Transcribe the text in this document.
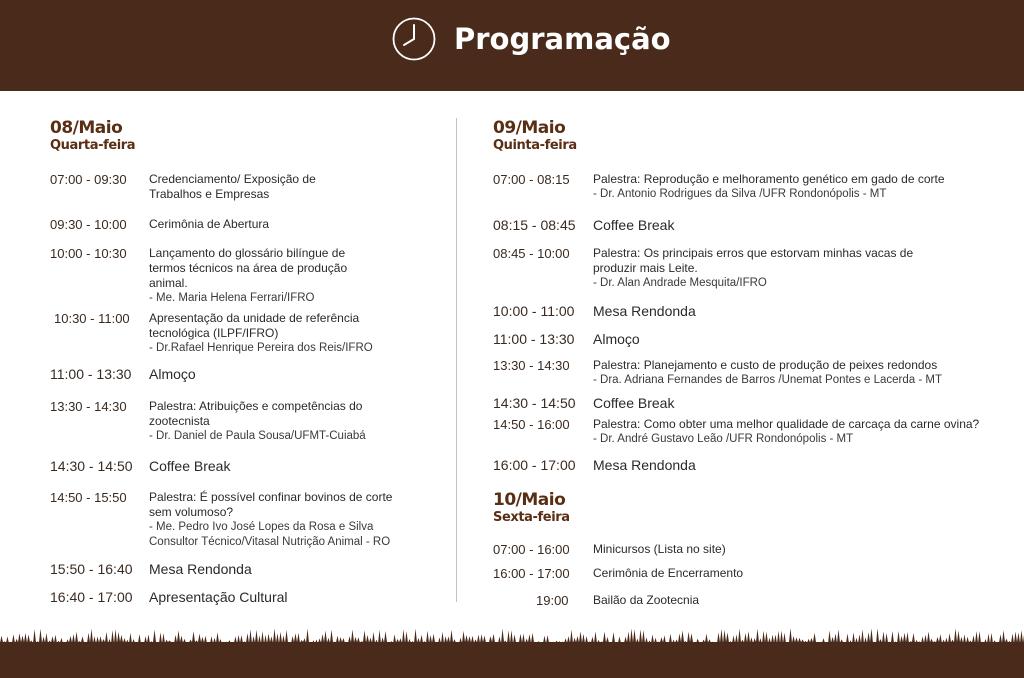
Programação
08/Maio
Quarta-feira
07:00 - 09:30 Credenciamento/ Exposição de
Trabalhos e Empresas
09:30 - 10:00 Cerimônia de Abertura
10:00 - 10:30 Lançamento do glossário bilíngue de
termos técnicos na área de produção
animal.
- Me. Maria Helena Ferrari/IFRO
10:30 - 11:00 Apresentação da unidade de referência
tecnológica (ILPF/IFRO)
- Dr.Rafael Henrique Pereira dos Reis/IFRO
11:00 - 13:30 Almoço
13:30 - 14:30 Palestra: Atribuições e competências do
zootecnista
- Dr. Daniel de Paula Sousa/UFMT-Cuiabá
14:30 - 14:50 Coffee Break
14:50 - 15:50 Palestra: É possível confinar bovinos de corte
sem volumoso?
- Me. Pedro Ivo José Lopes da Rosa e Silva
Consultor Técnico/Vitasal Nutrição Animal - RO
15:50 - 16:40 Mesa Rendonda
16:40 - 17:00 Apresentação Cultural
09/Maio
Quinta-feira
07:00 - 08:15 Palestra: Reprodução e melhoramento genético em gado de corte
- Dr. Antonio Rodrigues da Silva /UFR Rondonópolis - MT
08:15 - 08:45 Coffee Break
08:45 - 10:00 Palestra: Os principais erros que estorvam minhas vacas de
produzir mais Leite.
- Dr. Alan Andrade Mesquita/IFRO
10:00 - 11:00 Mesa Rendonda
11:00 - 13:30 Almoço
13:30 - 14:30 Palestra: Planejamento e custo de produção de peixes redondos
- Dra. Adriana Fernandes de Barros /Unemat Pontes e Lacerda - MT
14:30 - 14:50 Coffee Break
14:50 - 16:00 Palestra: Como obter uma melhor qualidade de carcaça da carne ovina?
- Dr. André Gustavo Leão /UFR Rondonópolis - MT
16:00 - 17:00 Mesa Rendonda
10/Maio
Sexta-feira
07:00 - 16:00 Minicursos (Lista no site)
16:00 - 17:00 Cerimônia de Encerramento
19:00 Bailão da Zootecnia
